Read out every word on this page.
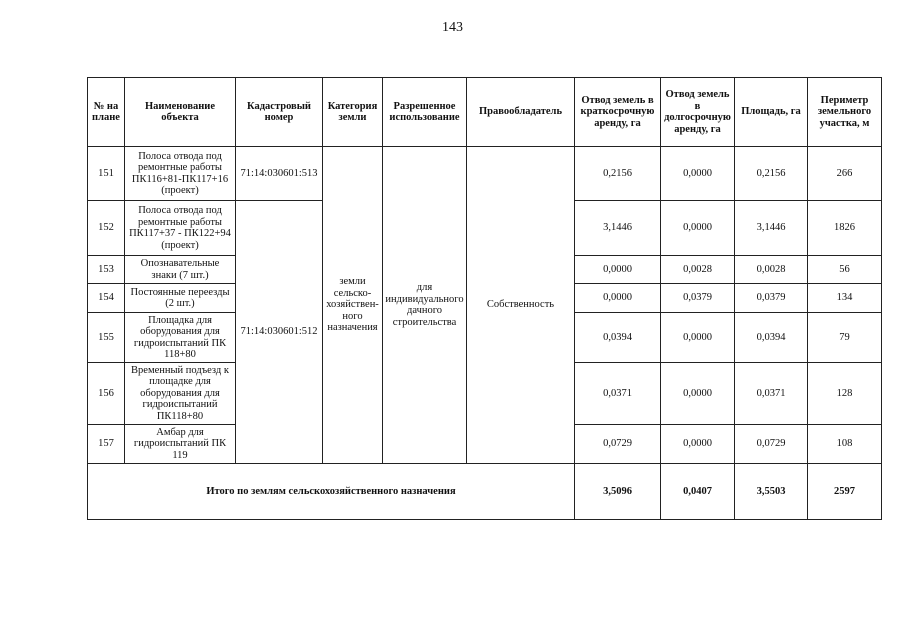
143
№ на плане	Наименование объекта	Кадастровый номер	Категория земли	Разрешенное использование	Правообладатель	Отвод земель в краткосрочную аренду, га	Отвод земель в долгосрочную аренду, га	Площадь, га	Периметр земельного участка, м
151	Полоса отвода под ремонтные работы ПК116+81-ПК117+16 (проект)	71:14:030601:513	земли сельско-хозяйствен-ного назначения	для индивидуального дачного строительства	Собственность	0,2156	0,0000	0,2156	266
152	Полоса отвода под ремонтные работы ПК117+37 - ПК122+94 (проект)	71:14:030601:512				3,1446	0,0000	3,1446	1826
153	Опознавательные знаки (7 шт.)					0,0000	0,0028	0,0028	56
154	Постоянные переезды (2 шт.)					0,0000	0,0379	0,0379	134
155	Площадка для оборудования для гидроиспытаний ПК 118+80					0,0394	0,0000	0,0394	79
156	Временный подъезд к площадке для оборудования для гидроиспытаний ПК118+80					0,0371	0,0000	0,0371	128
157	Амбар для гидроиспытаний ПК 119					0,0729	0,0000	0,0729	108
Итого по землям сельскохозяйственного назначения						3,5096	0,0407	3,5503	2597
